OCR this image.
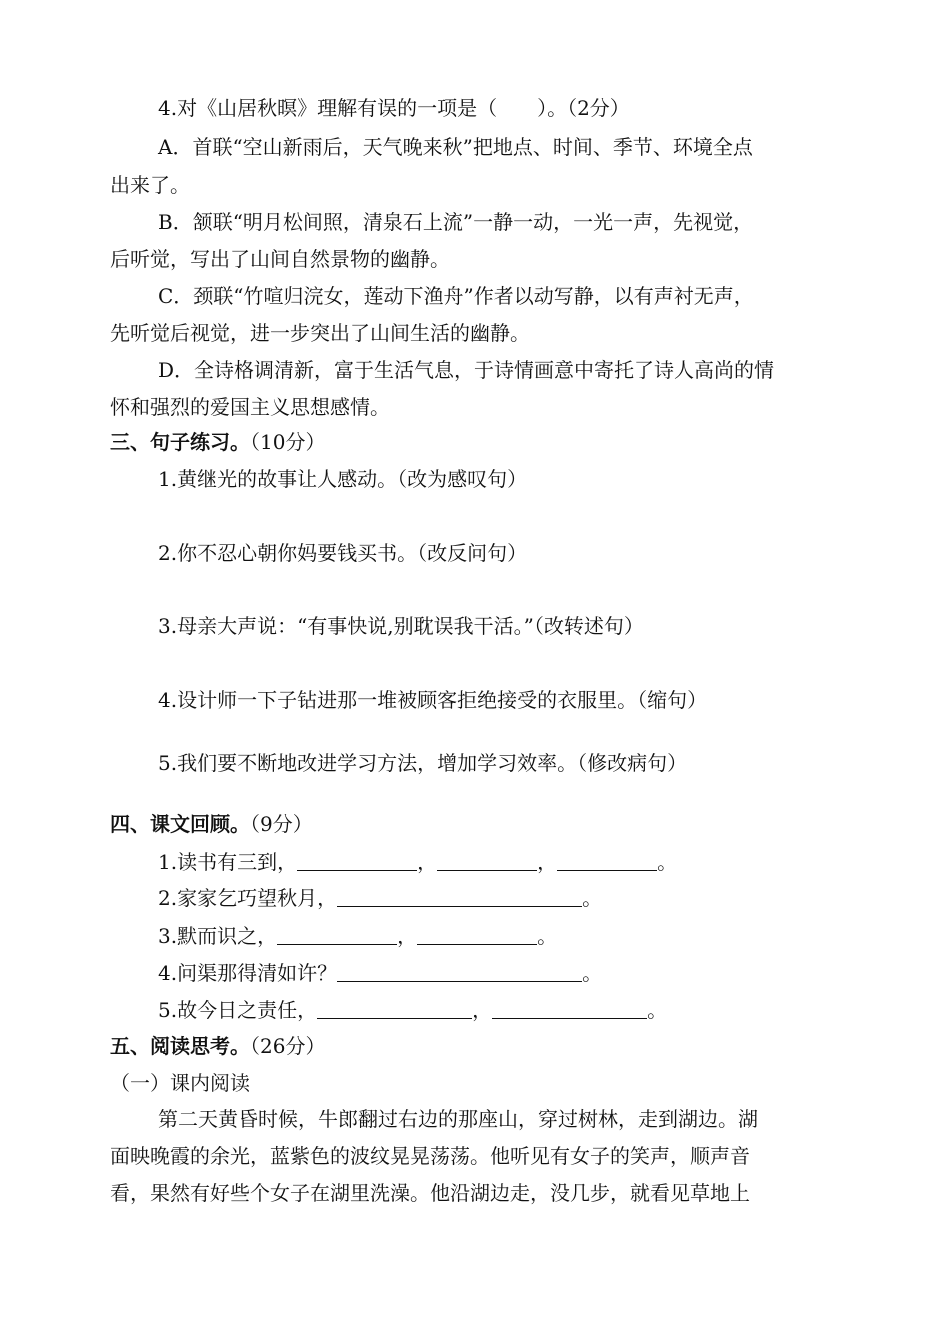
4.对《山居秋暝》理解有误的一项是（　　）。（2分）
A．首联“空山新雨后，天气晚来秋”把地点、时间、季节、环境全点
出来了。
B．颔联“明月松间照，清泉石上流”一静一动，一光一声，先视觉，
后听觉，写出了山间自然景物的幽静。
C．颈联“竹喧归浣女，莲动下渔舟”作者以动写静，以有声衬无声，
先听觉后视觉，进一步突出了山间生活的幽静。
D．全诗格调清新，富于生活气息，于诗情画意中寄托了诗人高尚的情
怀和强烈的爱国主义思想感情。
三、句子练习。（10分）
1.黄继光的故事让人感动。（改为感叹句）
2.你不忍心朝你妈要钱买书。（改反问句）
3.母亲大声说：“有事快说,别耽误我干活。”（改转述句）
4.设计师一下子钻进那一堆被顾客拒绝接受的衣服里。（缩句）
5.我们要不断地改进学习方法，增加学习效率。（修改病句）
四、课文回顾。（9分）
1.读书有三到，	，	，	。
2.家家乞巧望秋月，	。
3.默而识之，	，	。
4.问渠那得清如许？	。
5.故今日之责任，	，	。
五、阅读思考。（26分）
（一）课内阅读
第二天黄昏时候，牛郎翻过右边的那座山，穿过树林，走到湖边。湖
面映晚霞的余光，蓝紫色的波纹晃晃荡荡。他听见有女子的笑声，顺声音
看，果然有好些个女子在湖里洗澡。他沿湖边走，没几步，就看见草地上
